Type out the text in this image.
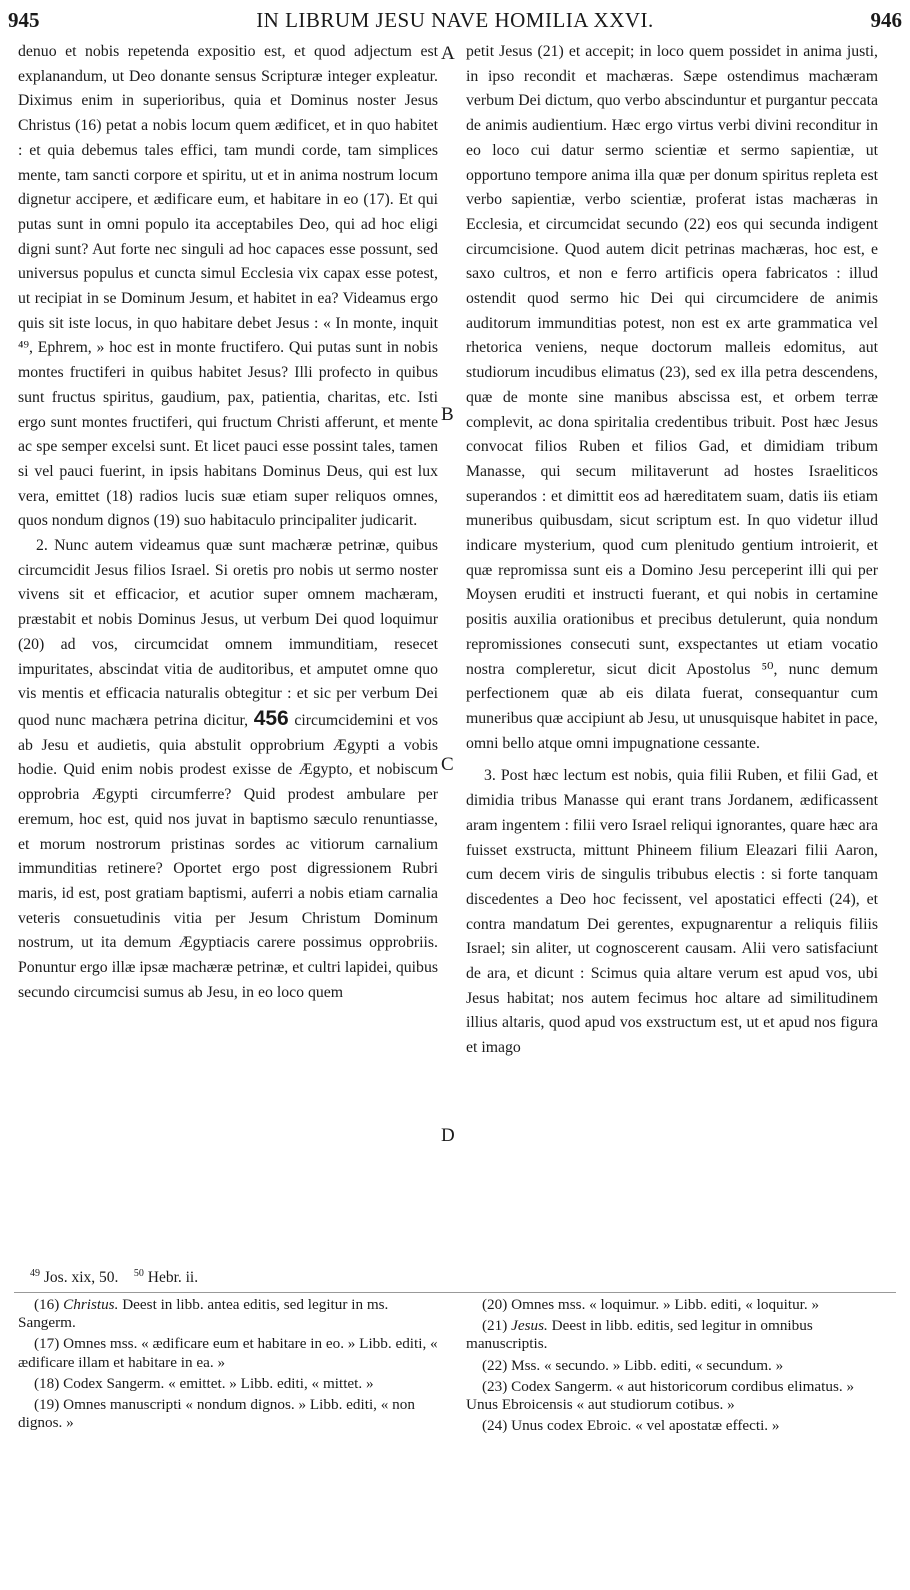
945	IN LIBRUM JESU NAVE HOMILIA XXVI.	946
A
B
C
D

denuo et nobis repetenda expositio est, et quod adjectum est explanandum, ut Deo donante sensus Scripturæ integer expleatur. Diximus enim in superioribus, quia et Dominus noster Jesus Christus (16) petat a nobis locum quem ædificet, et in quo habitet : et quia debemus tales effici, tam mundi corde, tam simplices mente, tam sancti corpore et spiritu, ut et in anima nostrum locum dignetur accipere, et ædificare eum, et habitare in eo (17). Et qui putas sunt in omni populo ita acceptabiles Deo, qui ad hoc eligi digni sunt? Aut forte nec singuli ad hoc capaces esse possunt, sed universus populus et cuncta simul Ecclesia vix capax esse potest, ut recipiat in se Dominum Jesum, et habitet in ea? Videamus ergo quis sit iste locus, in quo habitare debet Jesus : « In monte, inquit ⁴⁹, Ephrem, » hoc est in monte fructifero. Qui putas sunt in nobis montes fructiferi in quibus habitet Jesus? Illi profecto in quibus sunt fructus spiritus, gaudium, pax, patientia, charitas, etc. Isti ergo sunt montes fructiferi, qui fructum Christi afferunt, et mente ac spe semper excelsi sunt. Et licet pauci esse possint tales, tamen si vel pauci fuerint, in ipsis habitans Dominus Deus, qui est lux vera, emittet (18) radios lucis suæ etiam super reliquos omnes, quos nondum dignos (19) suo habitaculo principaliter judicarit.

2. Nunc autem videamus quæ sunt machæræ petrinæ, quibus circumcidit Jesus filios Israel. Si oretis pro nobis ut sermo noster vivens sit et efficacior, et acutior super omnem machæram, præstabit et nobis Dominus Jesus, ut verbum Dei quod loquimur (20) ad vos, circumcidat omnem immunditiam, resecet impuritates, abscindat vitia de auditoribus, et amputet omne quo vis mentis et efficacia naturalis obtegitur : et sic per verbum Dei quod nunc machæra petrina dicitur, 456 circumcidemini et vos ab Jesu et audietis, quia abstulit opprobrium Ægypti a vobis hodie. Quid enim nobis prodest exisse de Ægypto, et nobiscum opprobria Ægypti circumferre? Quid prodest ambulare per eremum, hoc est, quid nos juvat in baptismo sæculo renuntiasse, et morum nostrorum pristinas sordes ac vitiorum carnalium immunditias retinere? Oportet ergo post digressionem Rubri maris, id est, post gratiam baptismi, auferri a nobis etiam carnalia veteris consuetudinis vitia per Jesum Christum Dominum nostrum, ut ita demum Ægyptiacis carere possimus opprobriis. Ponuntur ergo illæ ipsæ machæræ petrinæ, et cultri lapidei, quibus secundo circumcisi sumus ab Jesu, in eo loco quem

petit Jesus (21) et accepit; in loco quem possidet in anima justi, in ipso recondit et machæras. Sæpe ostendimus machæram verbum Dei dictum, quo verbo abscinduntur et purgantur peccata de animis audientium. Hæc ergo virtus verbi divini reconditur in eo loco cui datur sermo scientiæ et sermo sapientiæ, ut opportuno tempore anima illa quæ per donum spiritus repleta est verbo sapientiæ, verbo scientiæ, proferat istas machæras in Ecclesia, et circumcidat secundo (22) eos qui secunda indigent circumcisione. Quod autem dicit petrinas machæras, hoc est, e saxo cultros, et non e ferro artificis opera fabricatos : illud ostendit quod sermo hic Dei qui circumcidere de animis auditorum immunditias potest, non est ex arte grammatica vel rhetorica veniens, neque doctorum malleis edomitus, aut studiorum incudibus elimatus (23), sed ex illa petra descendens, quæ de monte sine manibus abscissa est, et orbem terræ complevit, ac dona spiritalia credentibus tribuit. Post hæc Jesus convocat filios Ruben et filios Gad, et dimidiam tribum Manasse, qui secum militaverunt ad hostes Israeliticos superandos : et dimittit eos ad hæreditatem suam, datis iis etiam muneribus quibusdam, sicut scriptum est. In quo videtur illud indicare mysterium, quod cum plenitudo gentium introierit, et quæ repromissa sunt eis a Domino Jesu perceperint illi qui per Moysen eruditi et instructi fuerant, et qui nobis in certamine positis auxilia orationibus et precibus detulerunt, quia nondum repromissiones consecuti sunt, exspectantes ut etiam vocatio nostra compleretur, sicut dicit Apostolus ⁵⁰, nunc demum perfectionem quæ ab eis dilata fuerat, consequantur cum muneribus quæ accipiunt ab Jesu, ut unusquisque habitet in pace, omni bello atque omni impugnatione cessante.

3. Post hæc lectum est nobis, quia filii Ruben, et filii Gad, et dimidia tribus Manasse qui erant trans Jordanem, ædificassent aram ingentem : filii vero Israel reliqui ignorantes, quare hæc ara fuisset exstructa, mittunt Phineem filium Eleazari filii Aaron, cum decem viris de singulis tribubus electis : si forte tanquam discedentes a Deo hoc fecissent, vel apostatici effecti (24), et contra mandatum Dei gerentes, expugnarentur a reliquis filiis Israel; sin aliter, ut cognoscerent causam. Alii vero satisfaciunt de ara, et dicunt : Scimus quia altare verum est apud vos, ubi Jesus habitat; nos autem fecimus hoc altare ad similitudinem illius altaris, quod apud vos exstructum est, ut et apud nos figura et imago

$^{49}$ Jos. xix, 50. $^{50}$ Hebr. ii.

(16) Christus. Deest in libb. antea editis, sed legitur in ms. Sangerm.

(17) Omnes mss. « ædificare eum et habitare in eo. » Libb. editi, « ædificare illam et habitare in ea. »

(18) Codex Sangerm. « emittet. » Libb. editi, « mittet. »

(19) Omnes manuscripti « nondum dignos. » Libb. editi, « non dignos. »

(20) Omnes mss. « loquimur. » Libb. editi, « loquitur. »

(21) Jesus. Deest in libb. editis, sed legitur in omnibus manuscriptis.

(22) Mss. « secundo. » Libb. editi, « secundum. »

(23) Codex Sangerm. « aut historicorum cordibus elimatus. » Unus Ebroicensis « aut studiorum cotibus. »

(24) Unus codex Ebroic. « vel apostatæ effecti. »
